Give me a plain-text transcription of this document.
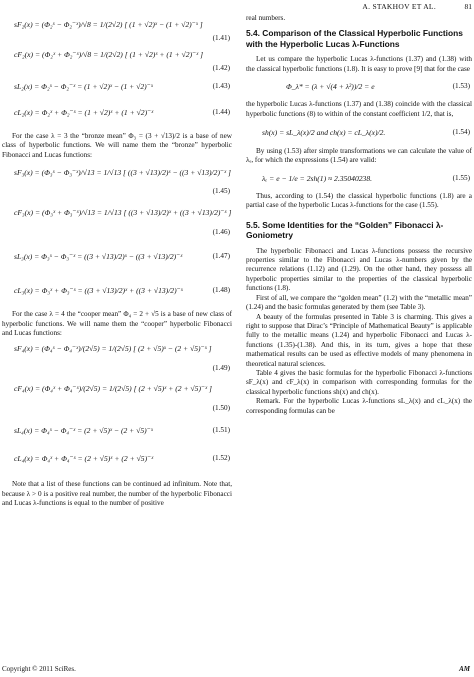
A. STAKHOV ET AL.	81
sF₂(x) = (Φ₂ˣ − Φ₂⁻ˣ)/√8 = 1/(2√2) [ (1 + √2)ˣ − (1 + √2)⁻ˣ ]
(1.41)
cF₂(x) = (Φ₂ˣ + Φ₂⁻ˣ)/√8 = 1/(2√2) [ (1 + √2)ˣ + (1 + √2)⁻ˣ ]
(1.42)
sL₂(x) = Φ₂ˣ − Φ₂⁻ˣ = (1 + √2)ˣ − (1 + √2)⁻ˣ	(1.43)
cL₂(x) = Φ₂ˣ + Φ₂⁻ˣ = (1 + √2)ˣ + (1 + √2)⁻ˣ	(1.44)

For the case λ = 3 the “bronze mean” Φ₃ = (3 + √13)/2 is a base of new class of hyperbolic functions. We will name them the “bronze” hyperbolic Fibonacci and Lucas functions:

sF₃(x) = (Φ₃ˣ − Φ₃⁻ˣ)/√13 = 1/√13 [ ((3 + √13)/2)ˣ − ((3 + √13)/2)⁻ˣ ]
(1.45)
cF₃(x) = (Φ₃ˣ + Φ₃⁻ˣ)/√13 = 1/√13 [ ((3 + √13)/2)ˣ + ((3 + √13)/2)⁻ˣ ]
(1.46)
sL₃(x) = Φ₃ˣ − Φ₃⁻ˣ = ((3 + √13)/2)ˣ − ((3 + √13)/2)⁻ˣ	(1.47)
cL₃(x) = Φ₃ˣ + Φ₃⁻ˣ = ((3 + √13)/2)ˣ + ((3 + √13)/2)⁻ˣ	(1.48)

For the case λ = 4 the “cooper mean” Φ₄ = 2 + √5 is a base of new class of hyperbolic functions. We will name them the “cooper” hyperbolic Fibonacci and Lucas functions:

sF₄(x) = (Φ₄ˣ − Φ₄⁻ˣ)/(2√5) = 1/(2√5) [ (2 + √5)ˣ − (2 + √5)⁻ˣ ]
(1.49)
cF₄(x) = (Φ₄ˣ + Φ₄⁻ˣ)/(2√5) = 1/(2√5) [ (2 + √5)ˣ + (2 + √5)⁻ˣ ]
(1.50)
sL₄(x) = Φ₄ˣ − Φ₄⁻ˣ = (2 + √5)ˣ − (2 + √5)⁻ˣ	(1.51)
cL₄(x) = Φ₄ˣ + Φ₄⁻ˣ = (2 + √5)ˣ + (2 + √5)⁻ˣ	(1.52)

Note that a list of these functions can be continued ad infinitum. Note that, because λ > 0 is a positive real number, the number of the hyperbolic Fibonacci and Lucas λ-functions is equal to the number of positive

real numbers.

5.4. Comparison of the Classical Hyperbolic Functions with the Hyperbolic Lucas λ-Functions

Let us compare the hyperbolic Lucas λ-functions (1.37) and (1.38) with the classical hyperbolic functions (1.8). It is easy to prove [9] that for the case

Φ_λ* = (λ + √(4 + λ²))/2 = e	(1.53)

the hyperbolic Lucas λ-functions (1.37) and (1.38) coincide with the classical hyperbolic functions (8) to within of the constant coefficient 1/2, that is,

sh(x) = sL_λ(x)/2 and ch(x) = cL_λ(x)/2.	(1.54)

By using (1.53) after simple transformations we can calculate the value of λₑ, for which the expressions (1.54) are valid:

λₑ = e − 1/e = 2sh(1) ≈ 2.35040238.	(1.55)

Thus, according to (1.54) the classical hyperbolic functions (1.8) are a partial case of the hyperbolic Lucas λ-functions for the case (1.55).

5.5. Some Identities for the “Golden” Fibonacci λ-Goniometry

The hyperbolic Fibonacci and Lucas λ-functions possess the recursive properties similar to the Fibonacci and Lucas λ-numbers given by the recurrence relations (1.12) and (1.29). On the other hand, they possess all hyperbolic properties similar to the properties of the classical hyperbolic functions (1.8).

First of all, we compare the “golden mean” (1.2) with the “metallic mean” (1.24) and the basic formulas generated by them (see Table 3).

A beauty of the formulas presented in Table 3 is charming. This gives a right to suppose that Dirac’s “Principle of Mathematical Beauty” is applicable fully to the metallic means (1.24) and hyperbolic Fibonacci and Lucas λ-functions (1.35)-(1.38). And this, in its turn, gives a hope that these mathematical results can be used as effective models of many phenomena in theoretical natural sciences.

Table 4 gives the basic formulas for the hyperbolic Fibonacci λ-functions sF_λ(x) and cF_λ(x) in comparison with corresponding formulas for the classical hyperbolic functions sh(x) and ch(x).

Remark. For the hyperbolic Lucas λ-functions sL_λ(x) and cL_λ(x) the corresponding formulas can be

Copyright © 2011 SciRes.	AM
